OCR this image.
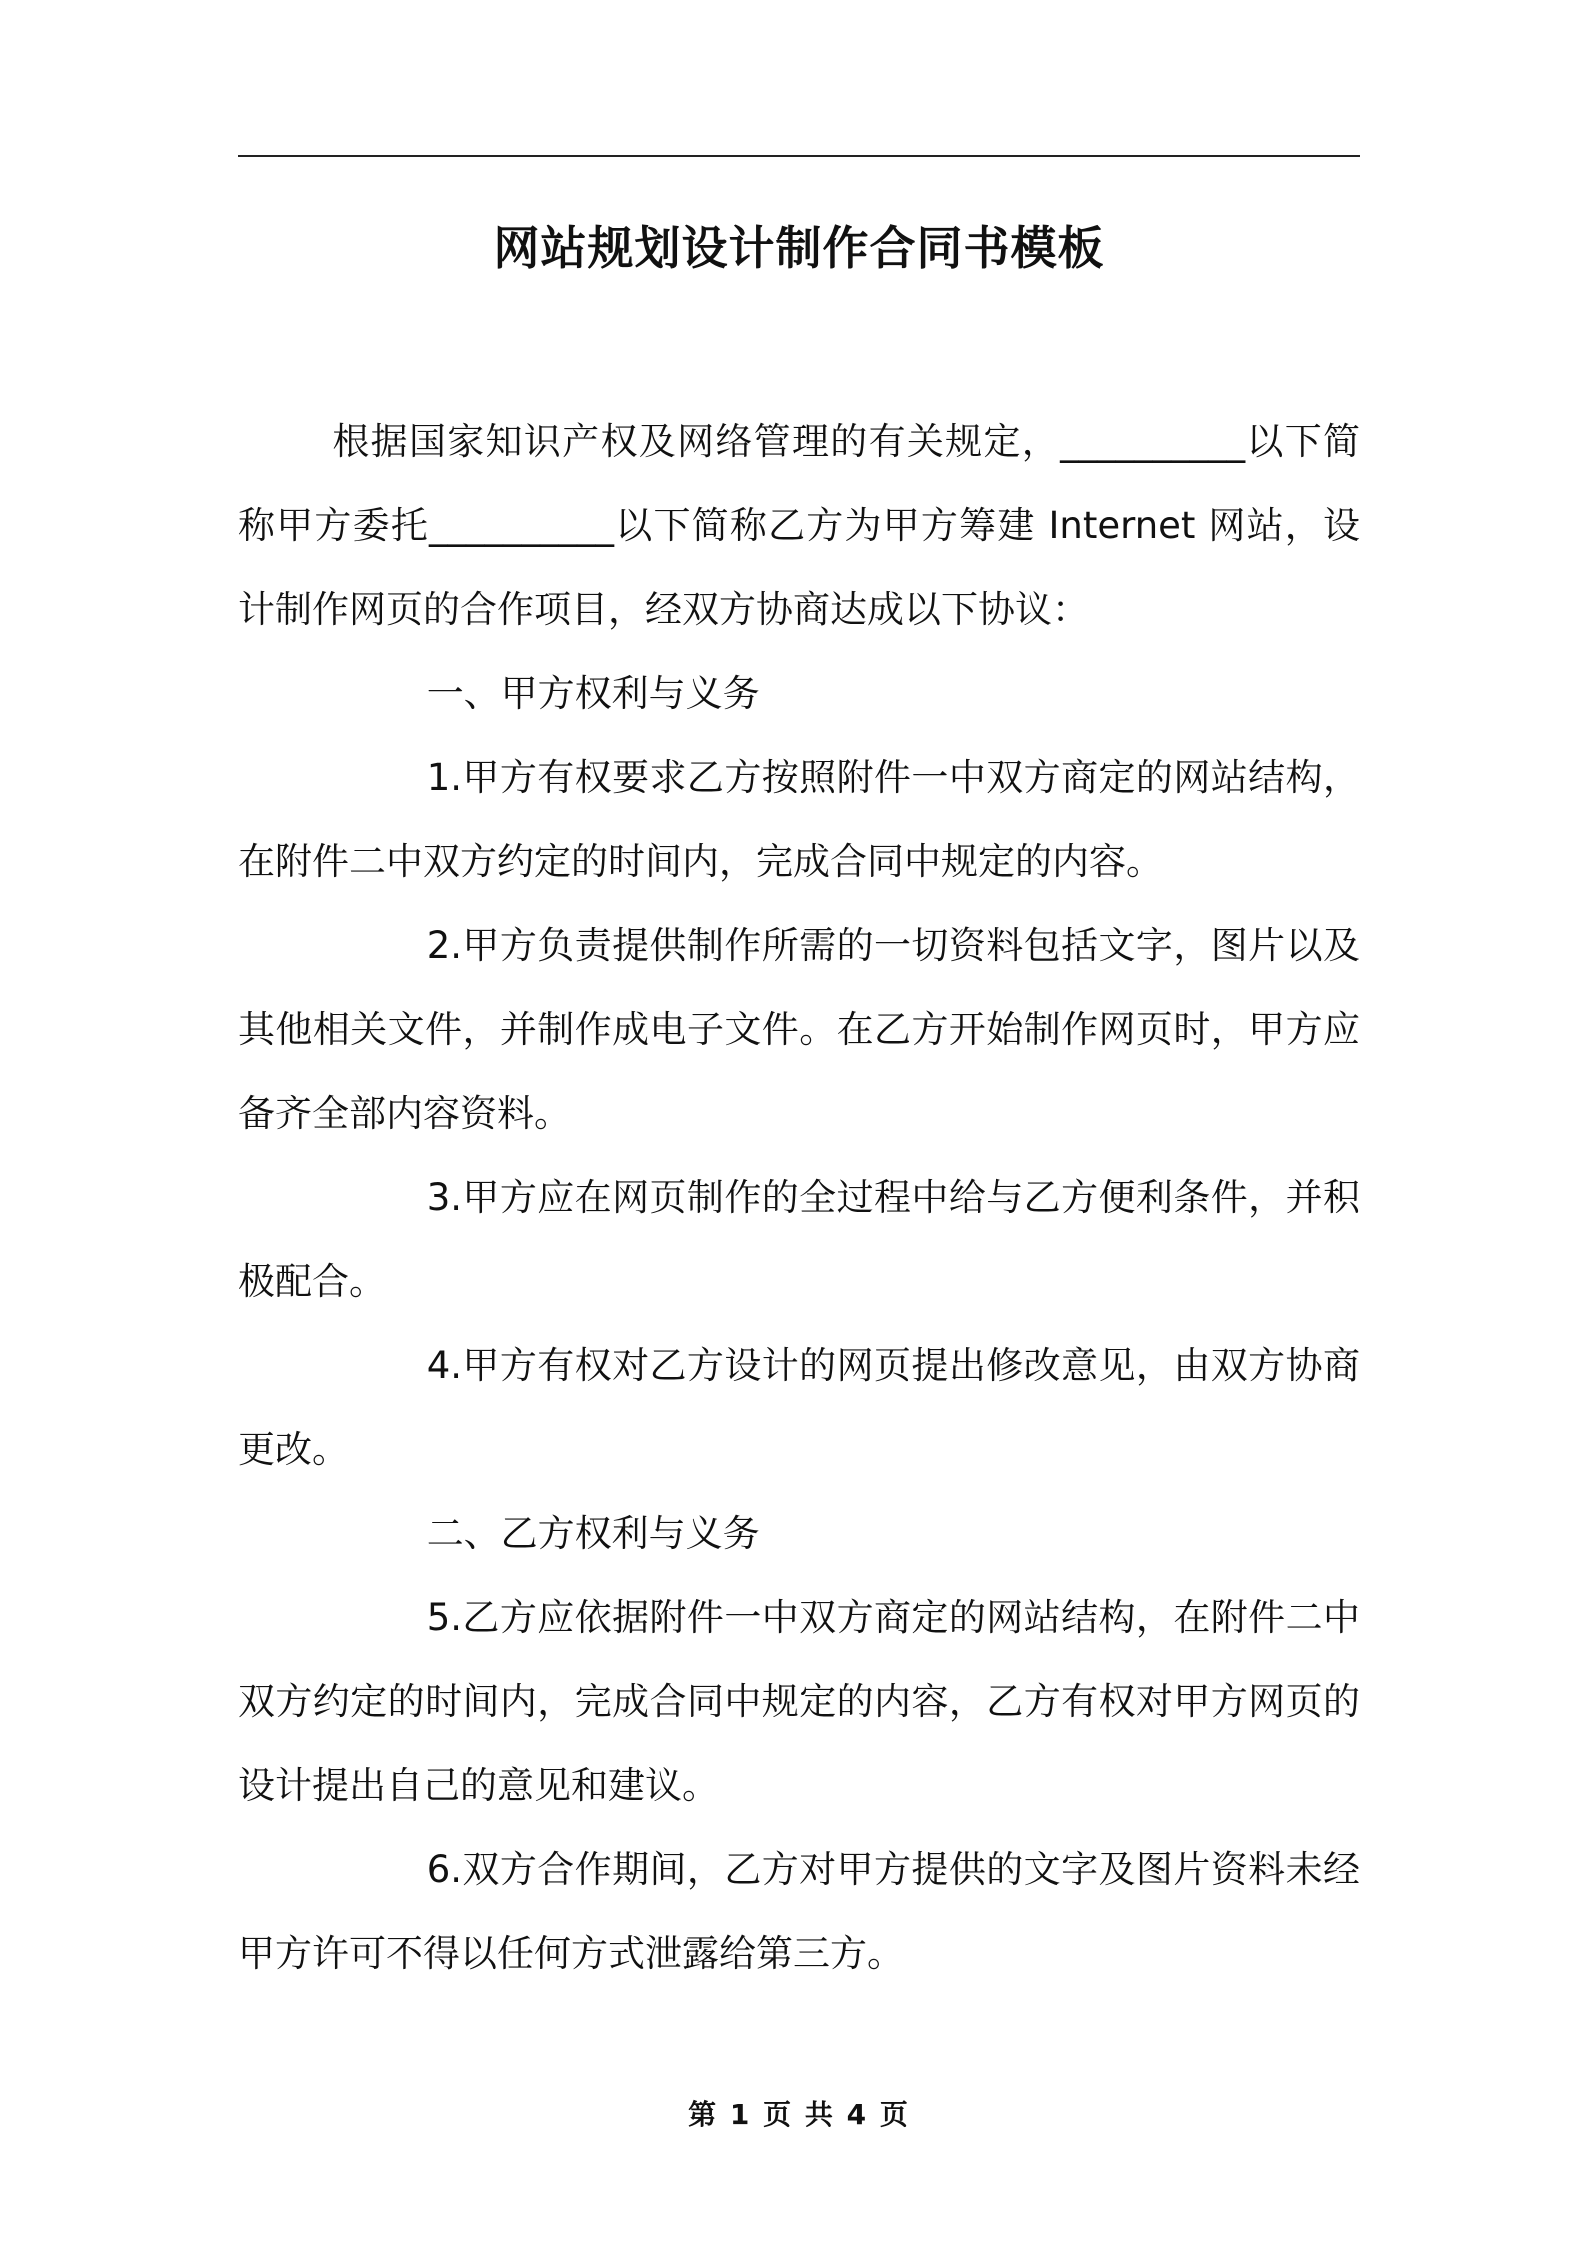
网站规划设计制作合同书模板

根据国家知识产权及网络管理的有关规定，__________以下简称甲方委托__________以下简称乙方为甲方筹建 Internet 网站，设计制作网页的合作项目，经双方协商达成以下协议：

一、甲方权利与义务

1.甲方有权要求乙方按照附件一中双方商定的网站结构，在附件二中双方约定的时间内，完成合同中规定的内容。

2.甲方负责提供制作所需的一切资料包括文字，图片以及其他相关文件，并制作成电子文件。在乙方开始制作网页时，甲方应备齐全部内容资料。

3.甲方应在网页制作的全过程中给与乙方便利条件，并积极配合。

4.甲方有权对乙方设计的网页提出修改意见，由双方协商更改。

二、乙方权利与义务

5.乙方应依据附件一中双方商定的网站结构，在附件二中双方约定的时间内，完成合同中规定的内容，乙方有权对甲方网页的设计提出自己的意见和建议。

6.双方合作期间，乙方对甲方提供的文字及图片资料未经甲方许可不得以任何方式泄露给第三方。

第 1 页 共 4 页
